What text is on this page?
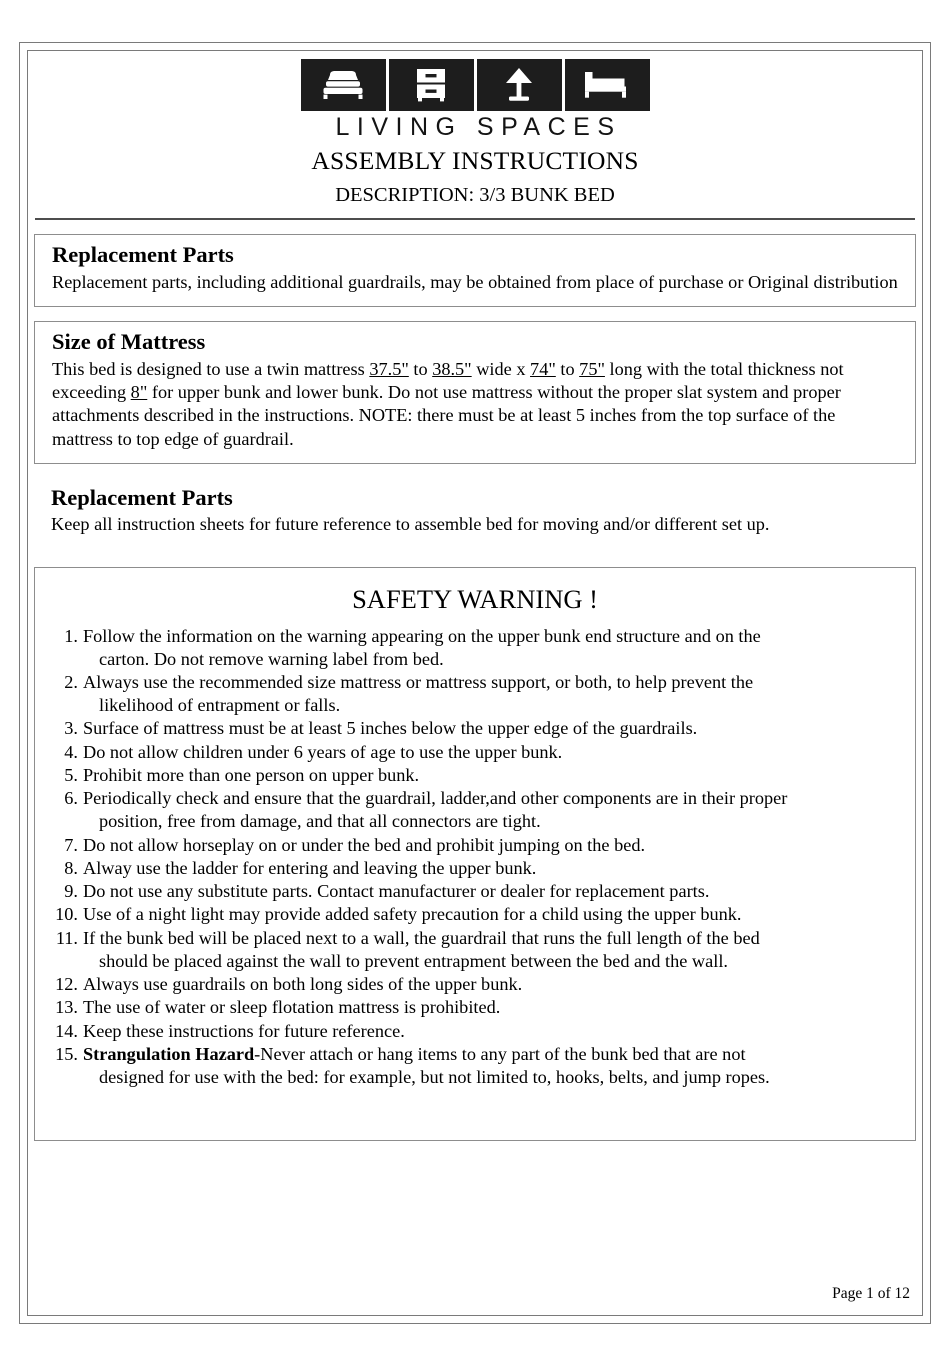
LIVING SPACES
ASSEMBLY INSTRUCTIONS
DESCRIPTION: 3/3 BUNK BED
Replacement Parts

Replacement parts, including additional guardrails, may be obtained from place of purchase or Original distribution

Size of Mattress

This bed is designed to use a twin mattress 37.5" to 38.5" wide x 74" to 75" long with the total thickness not exceeding 8" for upper bunk and lower bunk. Do not use mattress without the proper slat system and proper attachments described in the instructions. NOTE: there must be at least 5 inches from the top surface of the mattress to top edge of guardrail.

Replacement Parts

Keep all instruction sheets for future reference to assemble bed for moving and/or different set up.

SAFETY WARNING !
1. Follow the information on the warning appearing on the upper bunk end structure and on the
carton. Do not remove warning label from bed.
2. Always use the recommended size mattress or mattress support, or both, to help prevent the
likelihood of entrapment or falls.
3. Surface of mattress must be at least 5 inches below the upper edge of the guardrails.
4. Do not allow children under 6 years of age to use the upper bunk.
5. Prohibit more than one person on upper bunk.
6. Periodically check and ensure that the guardrail, ladder,and other components are in their proper
position, free from damage, and that all connectors are tight.
7. Do not allow horseplay on or under the bed and prohibit jumping on the bed.
8. Alway use the ladder for entering and leaving the upper bunk.
9. Do not use any substitute parts. Contact manufacturer or dealer for replacement parts.
10. Use of a night light may provide added safety precaution for a child using the upper bunk.
11. If the bunk bed will be placed next to a wall, the guardrail that runs the full length of the bed
should be placed against the wall to prevent entrapment between the bed and the wall.
12. Always use guardrails on both long sides of the upper bunk.
13. The use of water or sleep flotation mattress is prohibited.
14. Keep these instructions for future reference.
15. Strangulation Hazard-Never attach or hang items to any part of the bunk bed that are not
designed for use with the bed: for example, but not limited to, hooks, belts, and jump ropes.
Page 1 of 12
